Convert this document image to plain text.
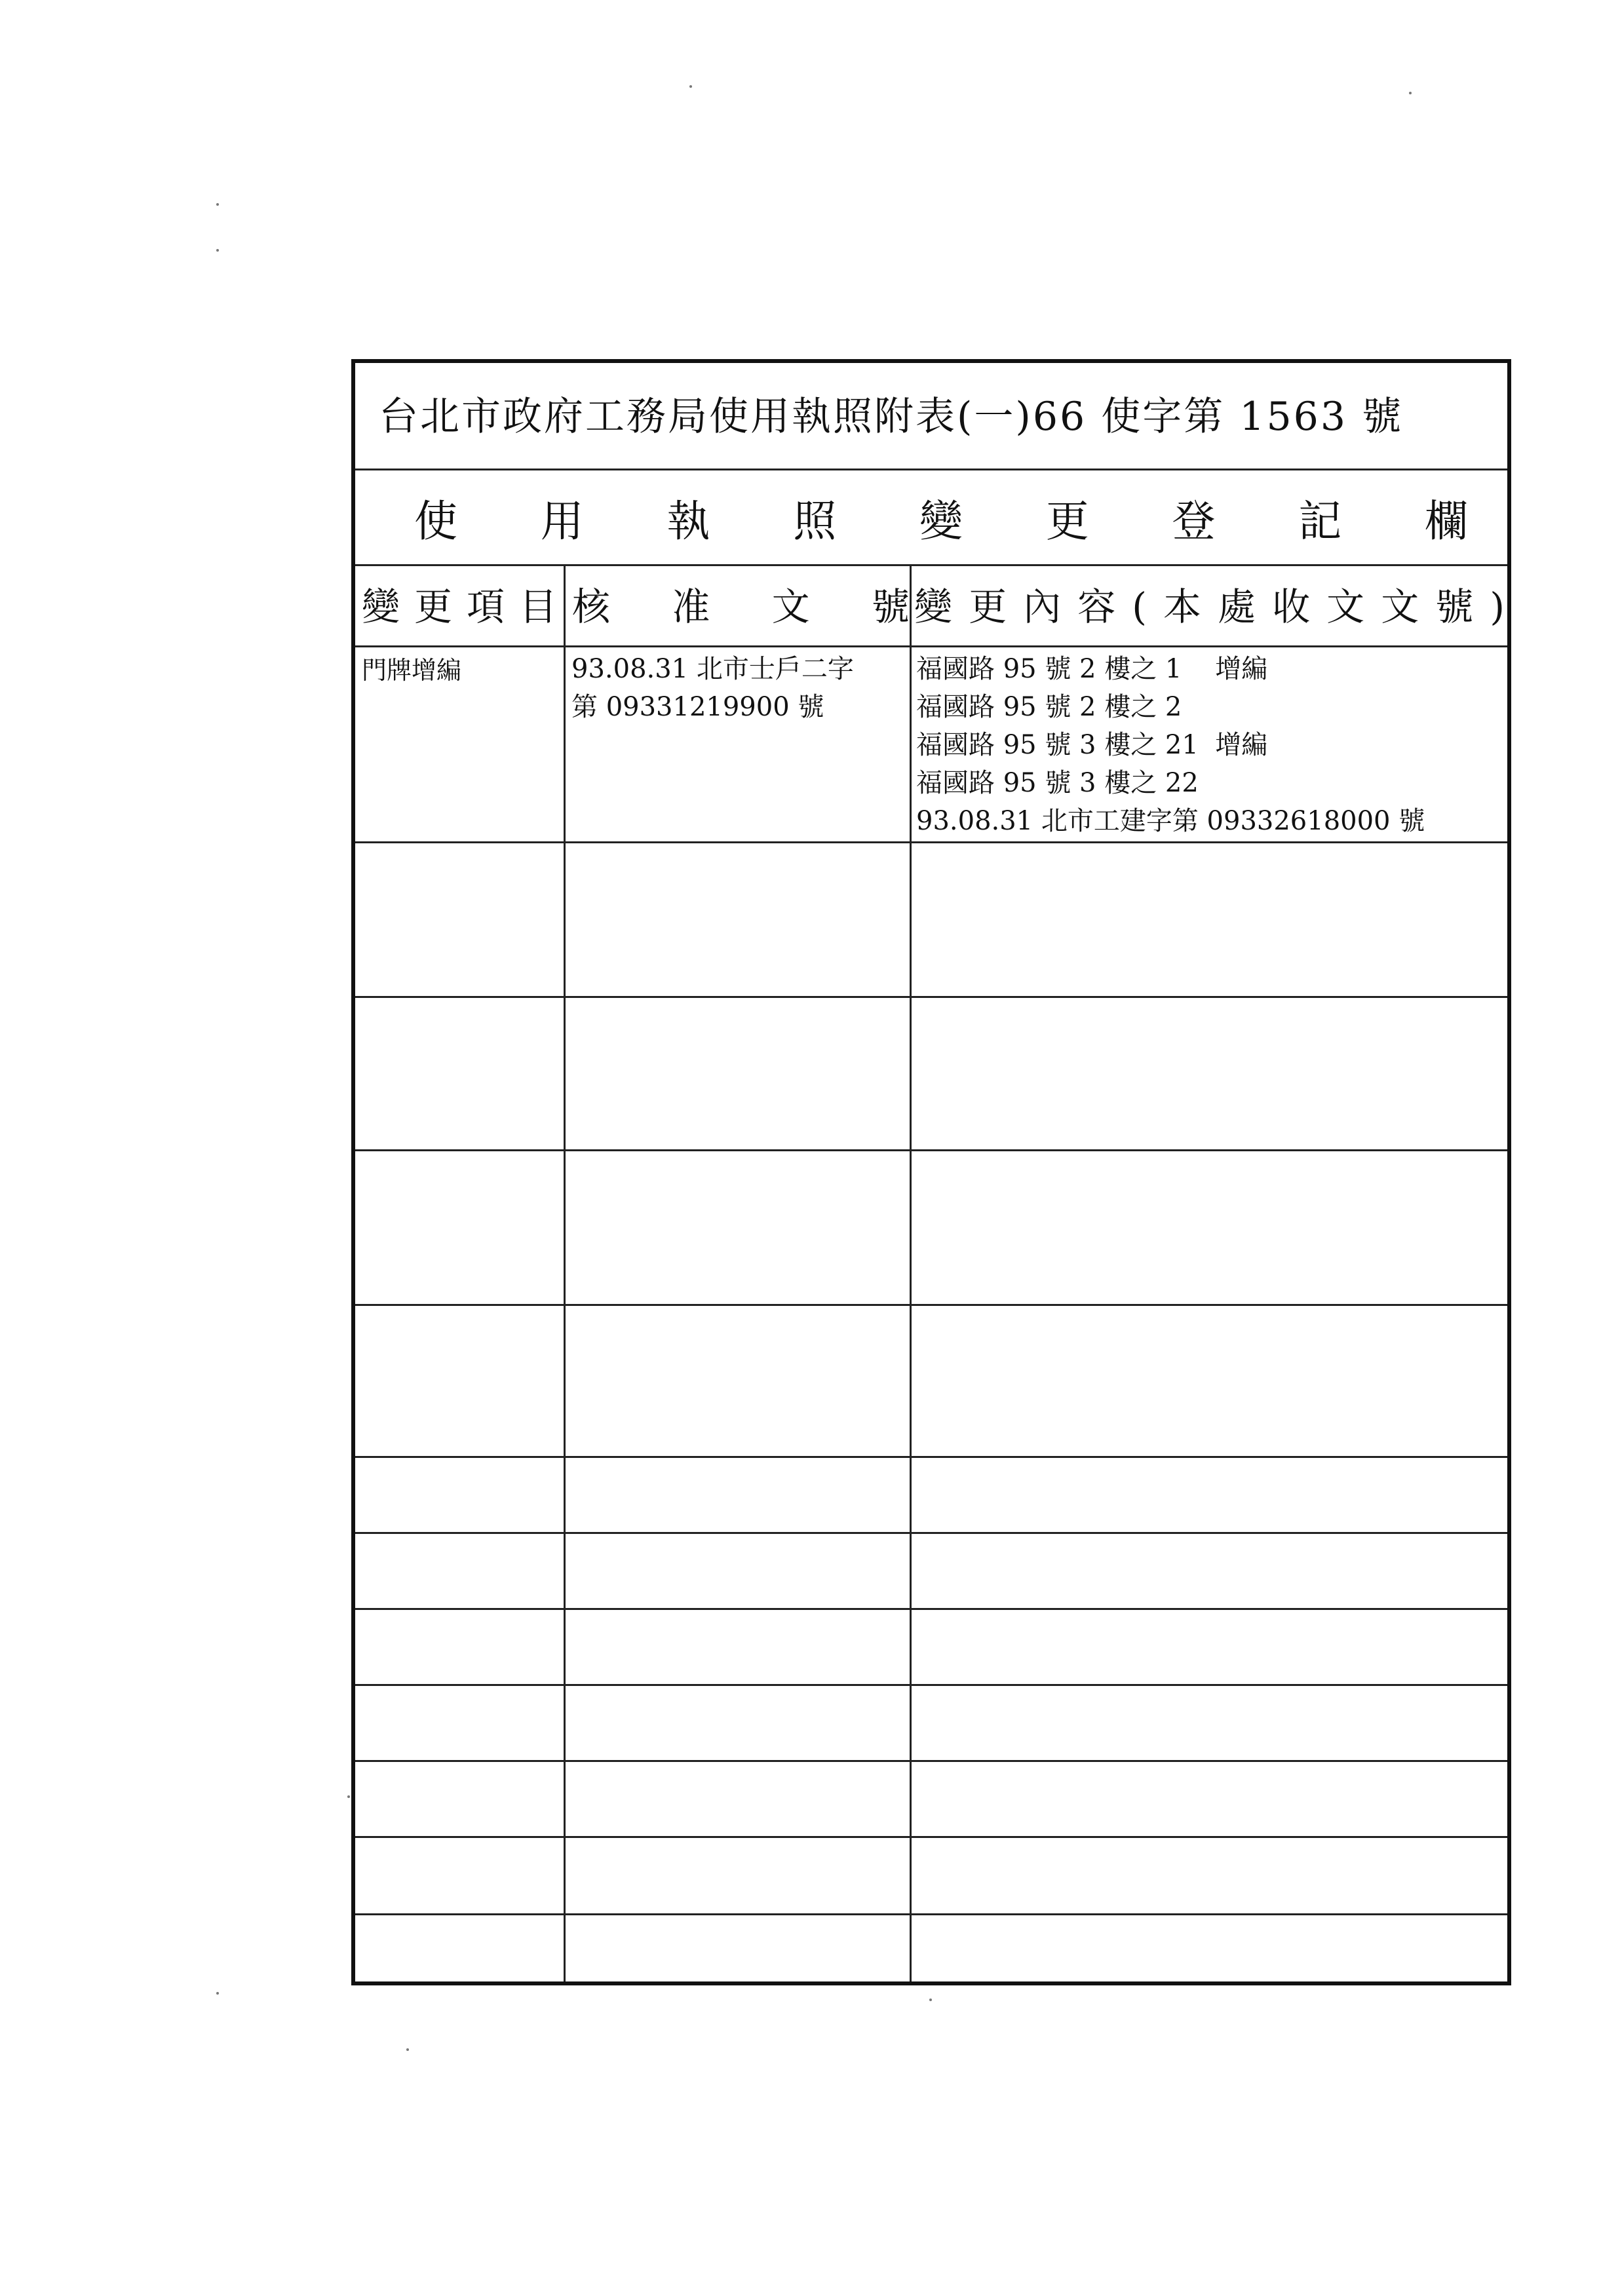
台北市政府工務局使用執照附表(一)66 使字第 1563 號
使 用 執 照 變 更 登 記 欄
變 更 項 目 核 准 文 號 變 更 內 容 ( 本 處 收 文 文 號 )
門牌增編	93.08.31 北市士戶二字
第 09331219900 號
福國路 95 號 2 樓之 1    增編
福國路 95 號 2 樓之 2
福國路 95 號 3 樓之 21  增編
福國路 95 號 3 樓之 22
93.08.31 北市工建字第 09332618000 號
